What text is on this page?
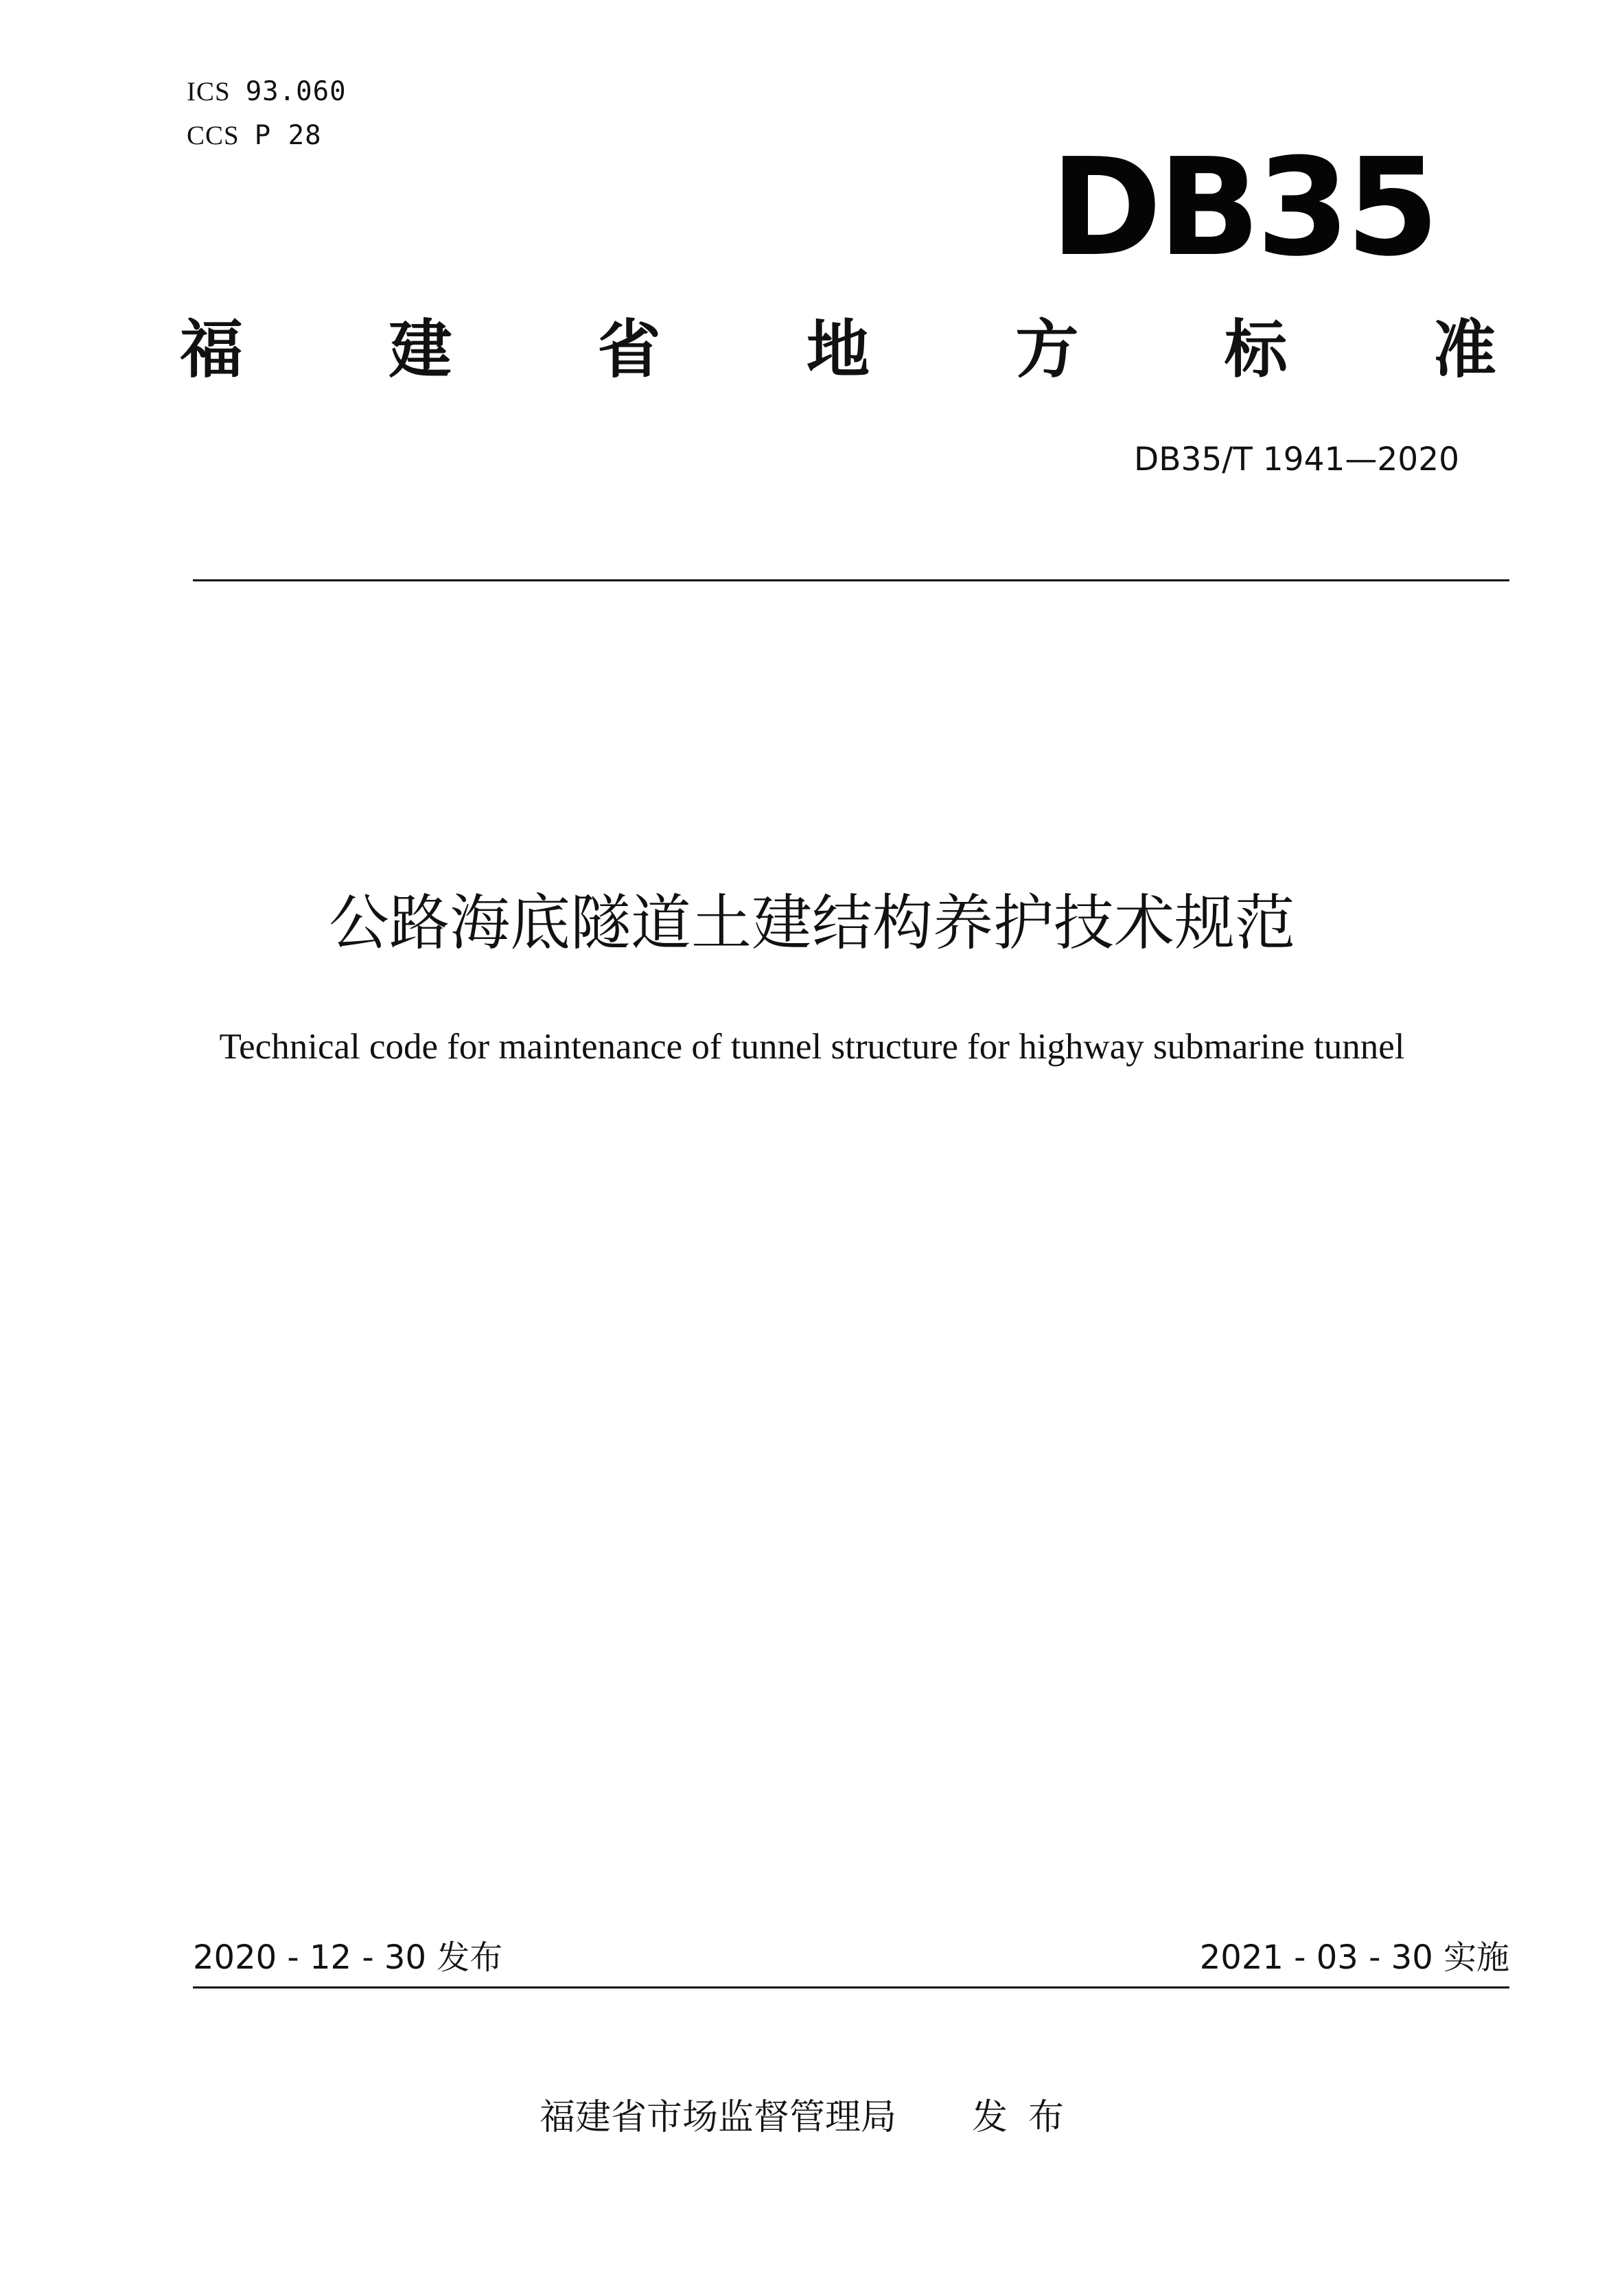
ICS 93.060
CCS P 28	DB35
福 建 省 地 方 标 准
DB35/T 1941—2020
公路海底隧道土建结构养护技术规范
Technical code for maintenance of tunnel structure for highway submarine tunnel
2020 - 12 - 30 发布	2021 - 03 - 30 实施
福建省市场监督管理局 发布
